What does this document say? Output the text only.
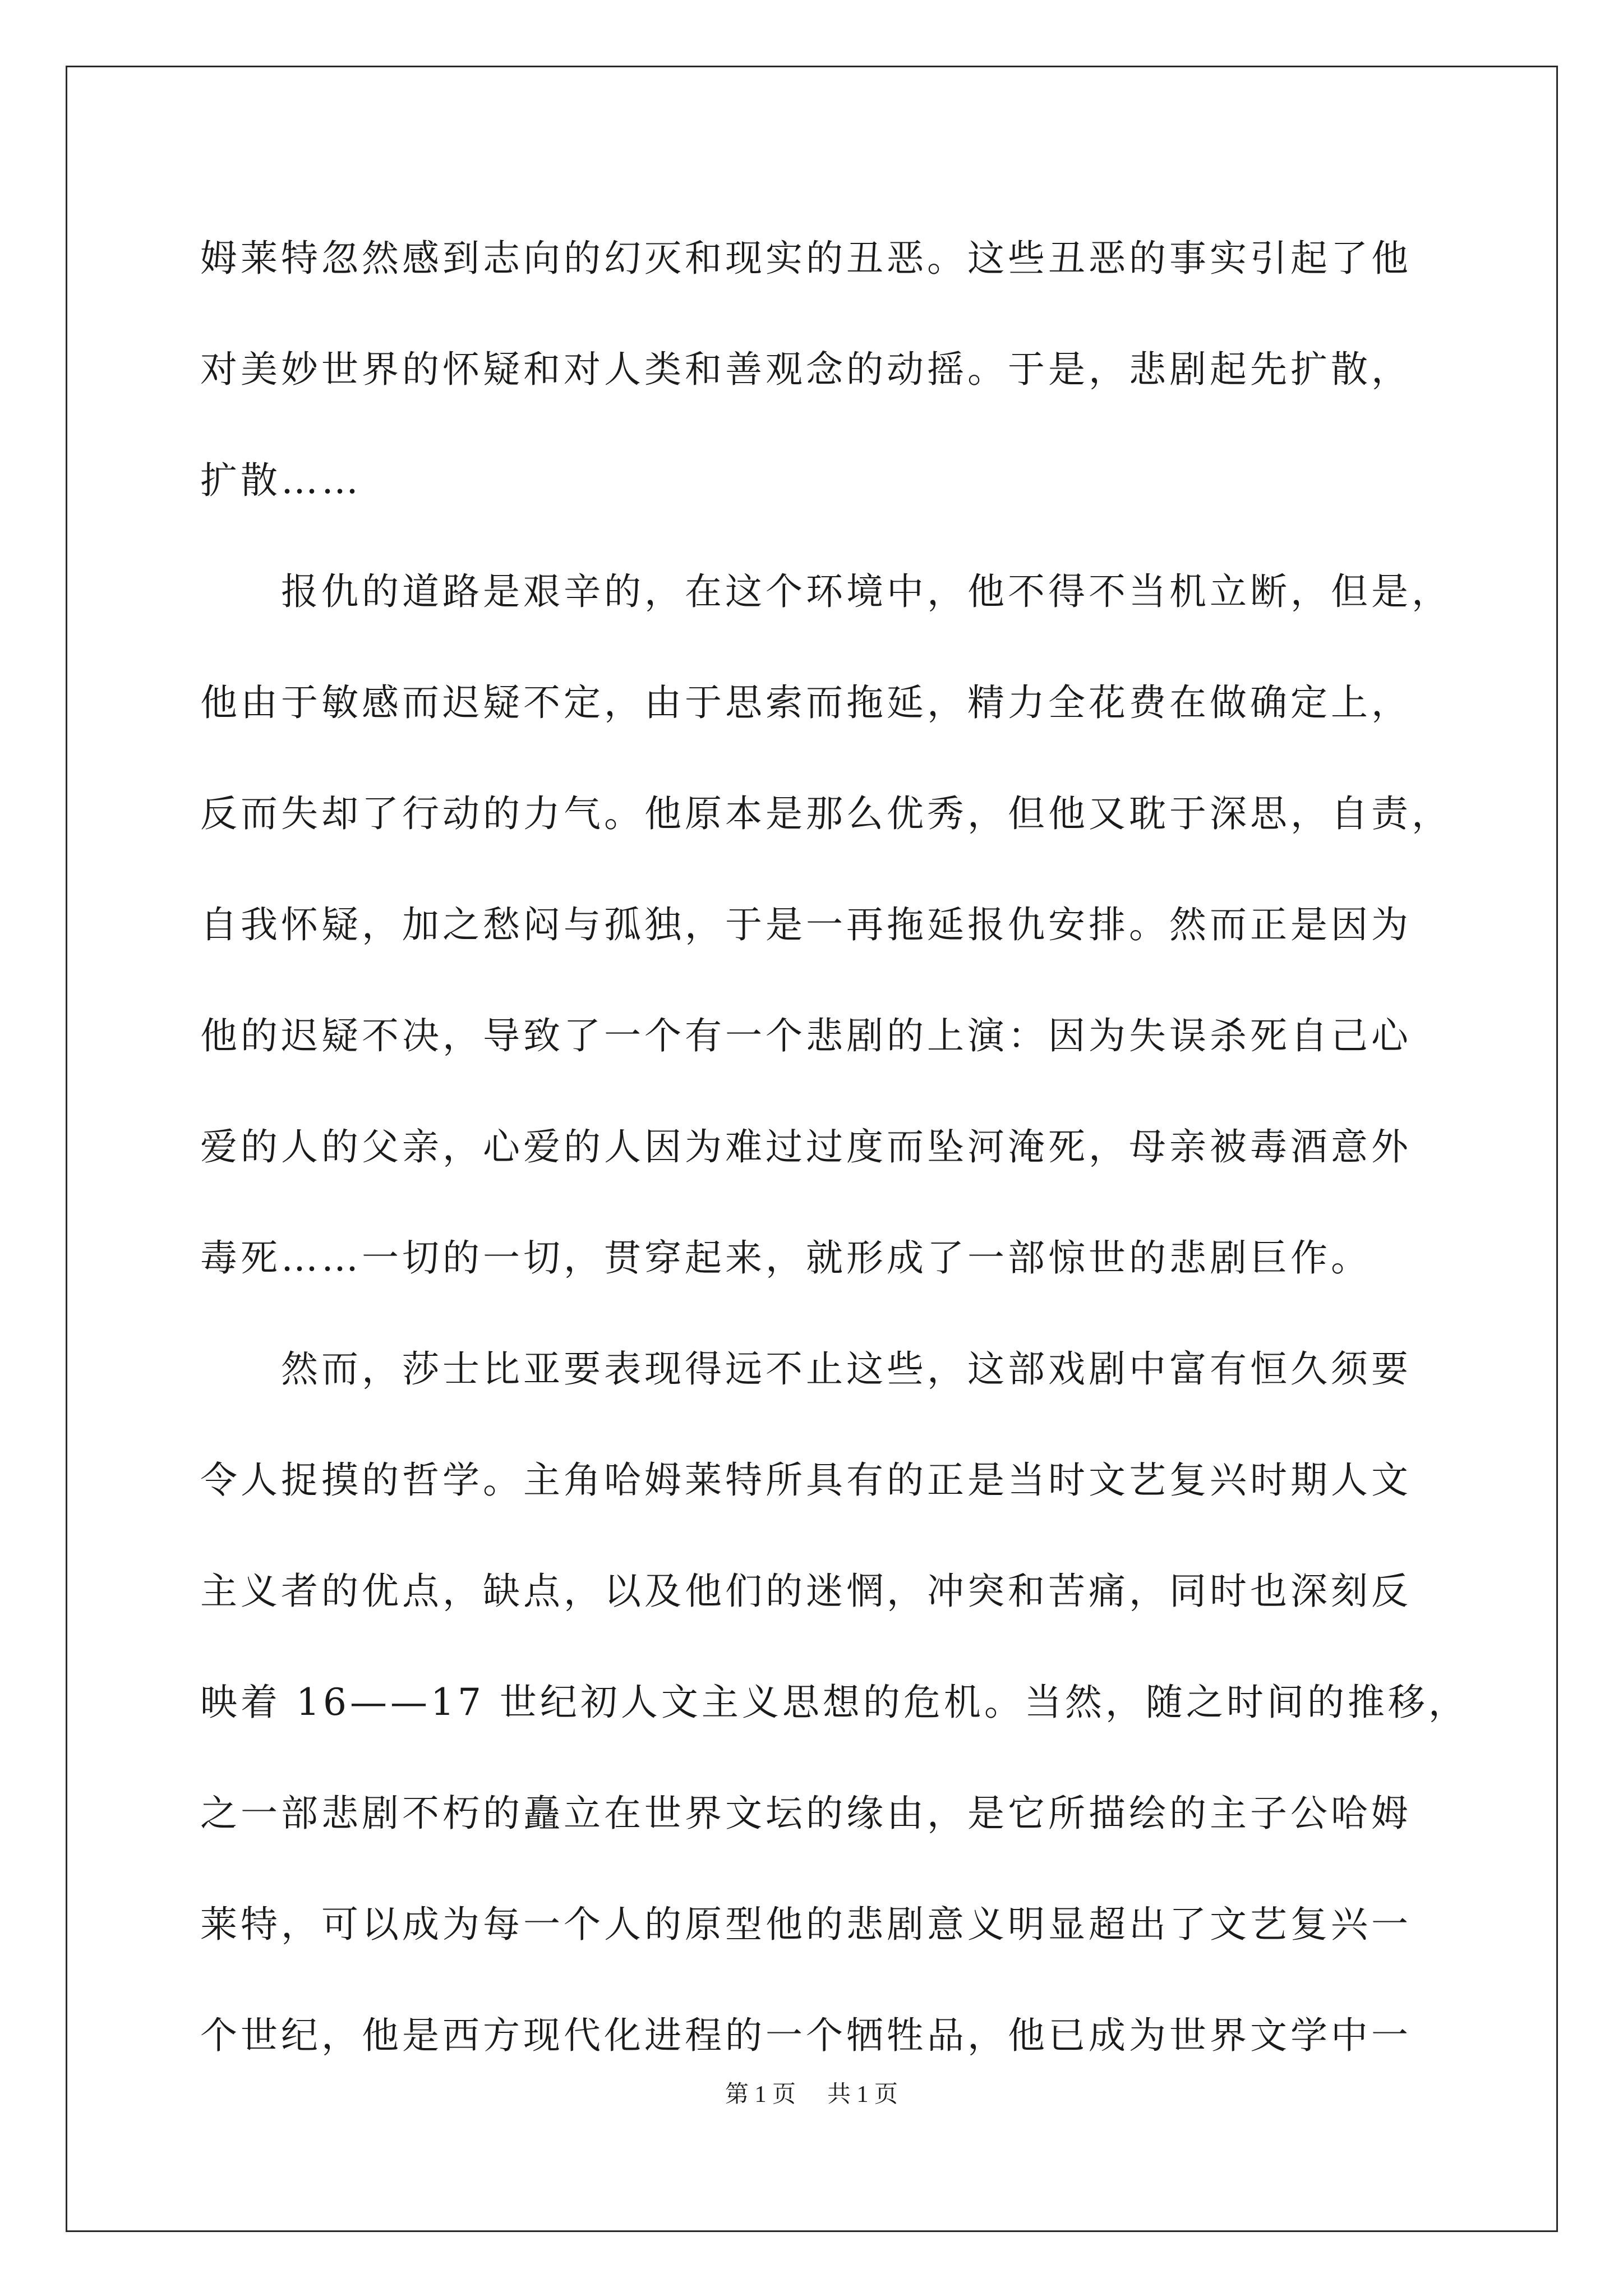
姆莱特忽然感到志向的幻灭和现实的丑恶。这些丑恶的事实引起了他
对美妙世界的怀疑和对人类和善观念的动摇。于是，悲剧起先扩散，
扩散……
　　报仇的道路是艰辛的，在这个环境中，他不得不当机立断，但是，
他由于敏感而迟疑不定，由于思索而拖延，精力全花费在做确定上，
反而失却了行动的力气。他原本是那么优秀，但他又耽于深思，自责，
自我怀疑，加之愁闷与孤独，于是一再拖延报仇安排。然而正是因为
他的迟疑不决，导致了一个有一个悲剧的上演：因为失误杀死自己心
爱的人的父亲，心爱的人因为难过过度而坠河淹死，母亲被毒酒意外
毒死……一切的一切，贯穿起来，就形成了一部惊世的悲剧巨作。
　　然而，莎士比亚要表现得远不止这些，这部戏剧中富有恒久须要
令人捉摸的哲学。主角哈姆莱特所具有的正是当时文艺复兴时期人文
主义者的优点，缺点，以及他们的迷惘，冲突和苦痛，同时也深刻反
映着 16——17 世纪初人文主义思想的危机。当然，随之时间的推移，
之一部悲剧不朽的矗立在世界文坛的缘由，是它所描绘的主子公哈姆
莱特，可以成为每一个人的原型他的悲剧意义明显超出了文艺复兴一
个世纪，他是西方现代化进程的一个牺牲品，他已成为世界文学中一
第 1 页 共 1 页
